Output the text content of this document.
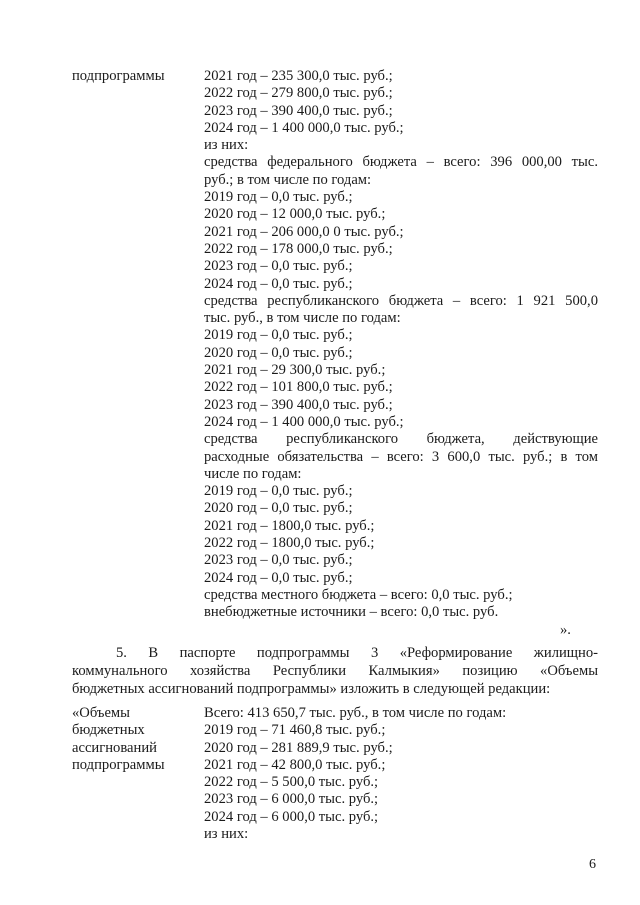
подпрограммы	2021 год – 235 300,0 тыс. руб.;
2022 год – 279 800,0 тыс. руб.;
2023 год – 390 400,0 тыс. руб.;
2024 год – 1 400 000,0 тыс. руб.;
из них:
средства федерального бюджета – всего: 396 000,00 тыс.
руб.; в том числе по годам:
2019 год – 0,0 тыс. руб.;
2020 год – 12 000,0 тыс. руб.;
2021 год – 206 000,0 0 тыс. руб.;
2022 год – 178 000,0 тыс. руб.;
2023 год – 0,0 тыс. руб.;
2024 год – 0,0 тыс. руб.;
средства республиканского бюджета – всего: 1 921 500,0
тыс. руб., в том числе по годам:
2019 год – 0,0 тыс. руб.;
2020 год – 0,0 тыс. руб.;
2021 год – 29 300,0 тыс. руб.;
2022 год – 101 800,0 тыс. руб.;
2023 год – 390 400,0 тыс. руб.;
2024 год – 1 400 000,0 тыс. руб.;
средства республиканского бюджета, действующие
расходные обязательства – всего: 3 600,0 тыс. руб.; в том
числе по годам:
2019 год – 0,0 тыс. руб.;
2020 год – 0,0 тыс. руб.;
2021 год – 1800,0 тыс. руб.;
2022 год – 1800,0 тыс. руб.;
2023 год – 0,0 тыс. руб.;
2024 год – 0,0 тыс. руб.;
средства местного бюджета – всего: 0,0 тыс. руб.;
внебюджетные источники – всего: 0,0 тыс. руб.
».
5. В паспорте подпрограммы 3 «Реформирование жилищно-
коммунального хозяйства Республики Калмыкия» позицию «Объемы
бюджетных ассигнований подпрограммы» изложить в следующей редакции:
«Объемы
бюджетных
ассигнований
подпрограммы
Всего: 413 650,7 тыс. руб., в том числе по годам:
2019 год – 71 460,8 тыс. руб.;
2020 год – 281 889,9 тыс. руб.;
2021 год – 42 800,0 тыс. руб.;
2022 год – 5 500,0 тыс. руб.;
2023 год – 6 000,0 тыс. руб.;
2024 год – 6 000,0 тыс. руб.;
из них:
6
